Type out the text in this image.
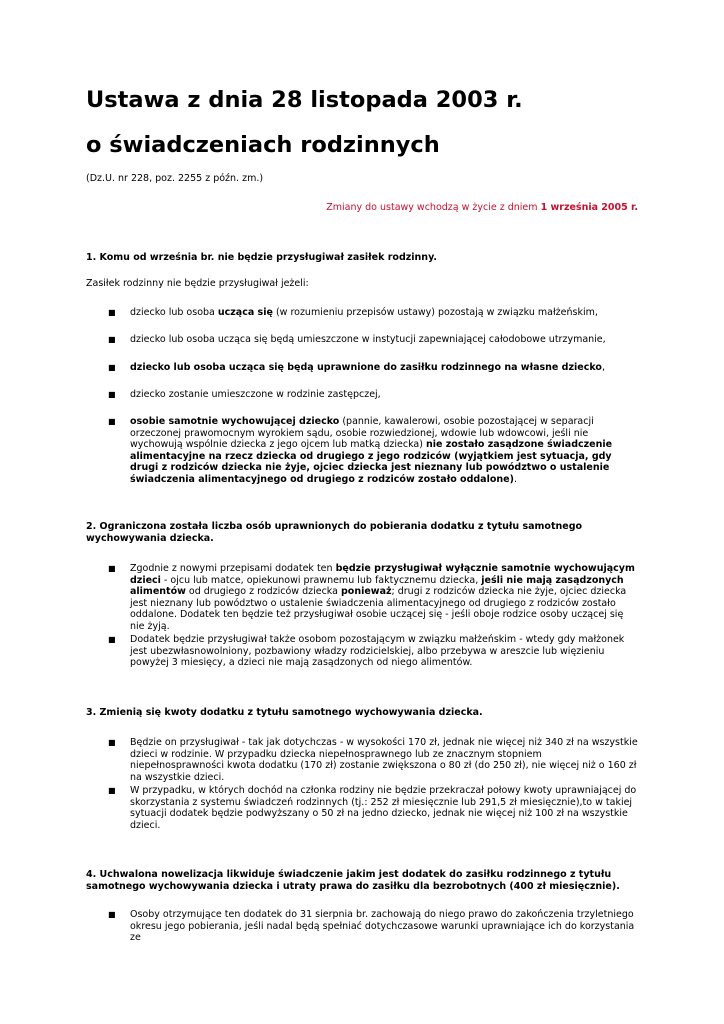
Ustawa z dnia 28 listopada 2003 r.
o świadczeniach rodzinnych
(Dz.U. nr 228, poz. 2255 z późn. zm.)
Zmiany do ustawy wchodzą w życie z dniem 1 września 2005 r.

1. Komu od września br. nie będzie przysługiwał zasiłek rodzinny.

Zasiłek rodzinny nie będzie przysługiwał jeżeli:

■ dziecko lub osoba ucząca się (w rozumieniu przepisów ustawy) pozostają w związku małżeńskim,
■ dziecko lub osoba ucząca się będą umieszczone w instytucji zapewniającej całodobowe utrzymanie,
■ dziecko lub osoba ucząca się będą uprawnione do zasiłku rodzinnego na własne dziecko,
■ dziecko zostanie umieszczone w rodzinie zastępczej,
■ osobie samotnie wychowującej dziecko (pannie, kawalerowi, osobie pozostającej w separacji orzeczonej prawomocnym wyrokiem sądu, osobie rozwiedzionej, wdowie lub wdowcowi, jeśli nie wychowują wspólnie dziecka z jego ojcem lub matką dziecka) nie zostało zasądzone świadczenie alimentacyjne na rzecz dziecka od drugiego z jego rodziców (wyjątkiem jest sytuacja, gdy drugi z rodziców dziecka nie żyje, ojciec dziecka jest nieznany lub powództwo o ustalenie świadczenia alimentacyjnego od drugiego z rodziców zostało oddalone).

2. Ograniczona została liczba osób uprawnionych do pobierania dodatku z tytułu samotnego wychowywania dziecka.

■ Zgodnie z nowymi przepisami dodatek ten będzie przysługiwał wyłącznie samotnie wychowującym dzieci - ojcu lub matce, opiekunowi prawnemu lub faktycznemu dziecka, jeśli nie mają zasądzonych alimentów od drugiego z rodziców dziecka ponieważ; drugi z rodziców dziecka nie żyje, ojciec dziecka jest nieznany lub powództwo o ustalenie świadczenia alimentacyjnego od drugiego z rodziców zostało oddalone. Dodatek ten będzie też przysługiwał osobie uczącej się - jeśli oboje rodzice osoby uczącej się nie żyją.
■ Dodatek będzie przysługiwał także osobom pozostającym w związku małżeńskim - wtedy gdy małżonek jest ubezwłasnowolniony, pozbawiony władzy rodzicielskiej, albo przebywa w areszcie lub więzieniu powyżej 3 miesięcy, a dzieci nie mają zasądzonych od niego alimentów.

3. Zmienią się kwoty dodatku z tytułu samotnego wychowywania dziecka.

■ Będzie on przysługiwał - tak jak dotychczas - w wysokości 170 zł, jednak nie więcej niż 340 zł na wszystkie dzieci w rodzinie. W przypadku dziecka niepełnosprawnego lub ze znacznym stopniem niepełnosprawności kwota dodatku (170 zł) zostanie zwiększona o 80 zł (do 250 zł), nie więcej niż o 160 zł na wszystkie dzieci.
■ W przypadku, w których dochód na członka rodziny nie będzie przekraczał połowy kwoty uprawniającej do skorzystania z systemu świadczeń rodzinnych (tj.: 252 zł miesięcznie lub 291,5 zł miesięcznie),to w takiej sytuacji dodatek będzie podwyższany o 50 zł na jedno dziecko, jednak nie więcej niż 100 zł na wszystkie dzieci.

4. Uchwalona nowelizacja likwiduje świadczenie jakim jest dodatek do zasiłku rodzinnego z tytułu samotnego wychowywania dziecka i utraty prawa do zasiłku dla bezrobotnych (400 zł miesięcznie).

■ Osoby otrzymujące ten dodatek do 31 sierpnia br. zachowają do niego prawo do zakończenia trzyletniego okresu jego pobierania, jeśli nadal będą spełniać dotychczasowe warunki uprawniające ich do korzystania ze
